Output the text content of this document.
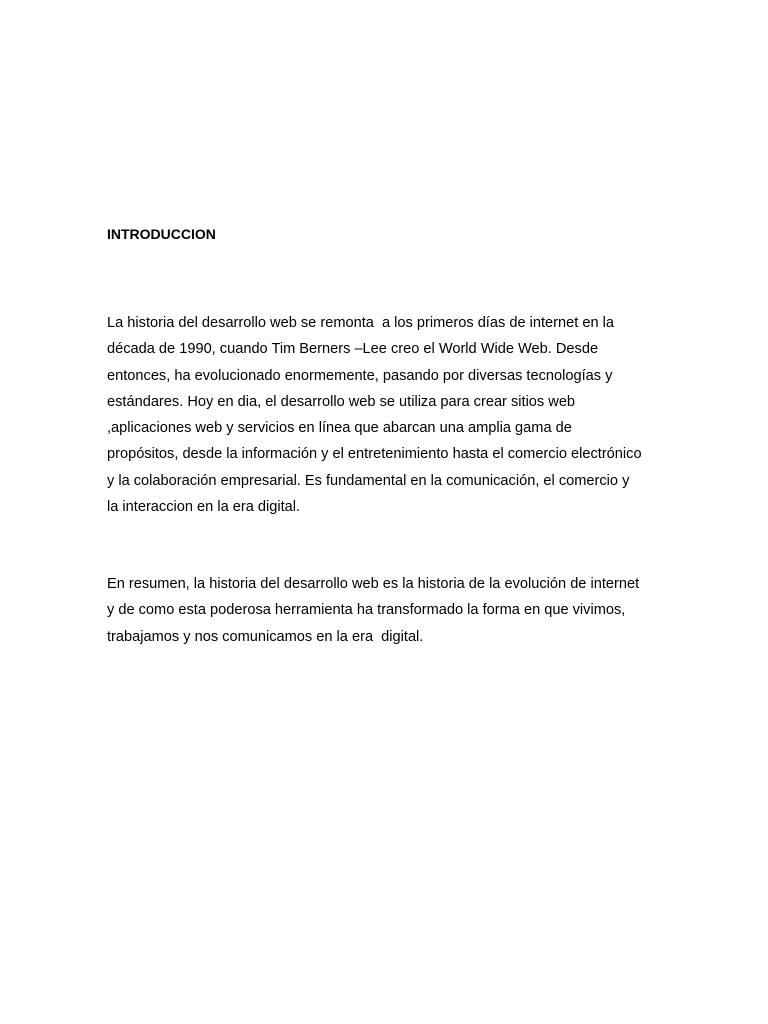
INTRODUCCION
La historia del desarrollo web se remonta  a los primeros días de internet en la
década de 1990, cuando Tim Berners –Lee creo el World Wide Web. Desde
entonces, ha evolucionado enormemente, pasando por diversas tecnologías y
estándares. Hoy en dia, el desarrollo web se utiliza para crear sitios web
,aplicaciones web y servicios en línea que abarcan una amplia gama de
propósitos, desde la información y el entretenimiento hasta el comercio electrónico
y la colaboración empresarial. Es fundamental en la comunicación, el comercio y
la interaccion en la era digital.
En resumen, la historia del desarrollo web es la historia de la evolución de internet
y de como esta poderosa herramienta ha transformado la forma en que vivimos,
trabajamos y nos comunicamos en la era  digital.
